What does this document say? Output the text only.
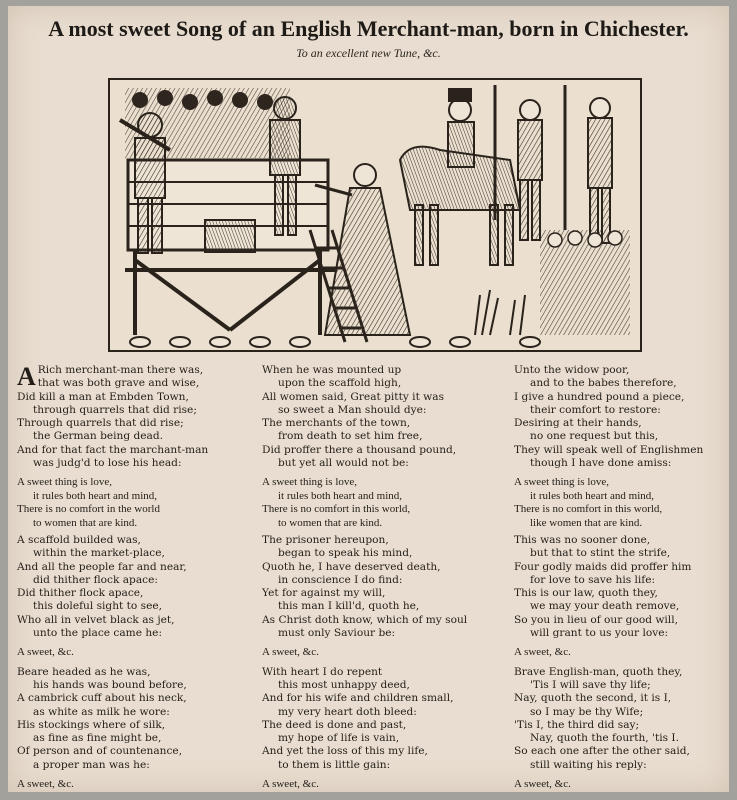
A most sweet Song of an English Merchant-man, born in Chichester.
To an excellent new Tune, &c.
A Rich merchant-man there was,
that was both grave and wise,
Did kill a man at Embden Town,
through quarrels that did rise;
Through quarrels that did rise;
the German being dead.
And for that fact the marchant-man
was judg'd to lose his head:
A sweet thing is love,
it rules both heart and mind,
There is no comfort in the world
to women that are kind.
A scaffold builded was,
within the market-place,
And all the people far and near,
did thither flock apace:
Did thither flock apace,
this doleful sight to see,
Who all in velvet black as jet,
unto the place came he:
A sweet, &c.
Beare headed as he was,
his hands was bound before,
A cambrick cuff about his neck,
as white as milk he wore:
His stockings where of silk,
as fine as fine might be,
Of person and of countenance,
a proper man was he:
A sweet, &c.
When he was mounted up
upon the scaffold high,
All women said, Great pitty it was
so sweet a Man should dye:
The merchants of the town,
from death to set him free,
Did proffer there a thousand pound,
but yet all would not be:
A sweet thing is love,
it rules both heart and mind,
There is no comfort in this world,
to women that are kind.
The prisoner hereupon,
began to speak his mind,
Quoth he, I have deserved death,
in conscience I do find:
Yet for against my will,
this man I kill'd, quoth he,
As Christ doth know, which of my soul
must only Saviour be:
A sweet, &c.
With heart I do repent
this most unhappy deed,
And for his wife and children small,
my very heart doth bleed:
The deed is done and past,
my hope of life is vain,
And yet the loss of this my life,
to them is little gain:
A sweet, &c.
Unto the widow poor,
and to the babes therefore,
I give a hundred pound a piece,
their comfort to restore:
Desiring at their hands,
no one request but this,
They will speak well of Englishmen
though I have done amiss:
A sweet thing is love,
it rules both heart and mind,
There is no comfort in this world,
like women that are kind.
This was no sooner done,
but that to stint the strife,
Four godly maids did proffer him
for love to save his life:
This is our law, quoth they,
we may your death remove,
So you in lieu of our good will,
will grant to us your love:
A sweet, &c.
Brave English-man, quoth they,
'Tis I will save thy life;
Nay, quoth the second, it is I,
so I may be thy Wife;
'Tis I, the third did say;
Nay, quoth the fourth, 'tis I.
So each one after the other said,
still waiting his reply:
A sweet, &c.
